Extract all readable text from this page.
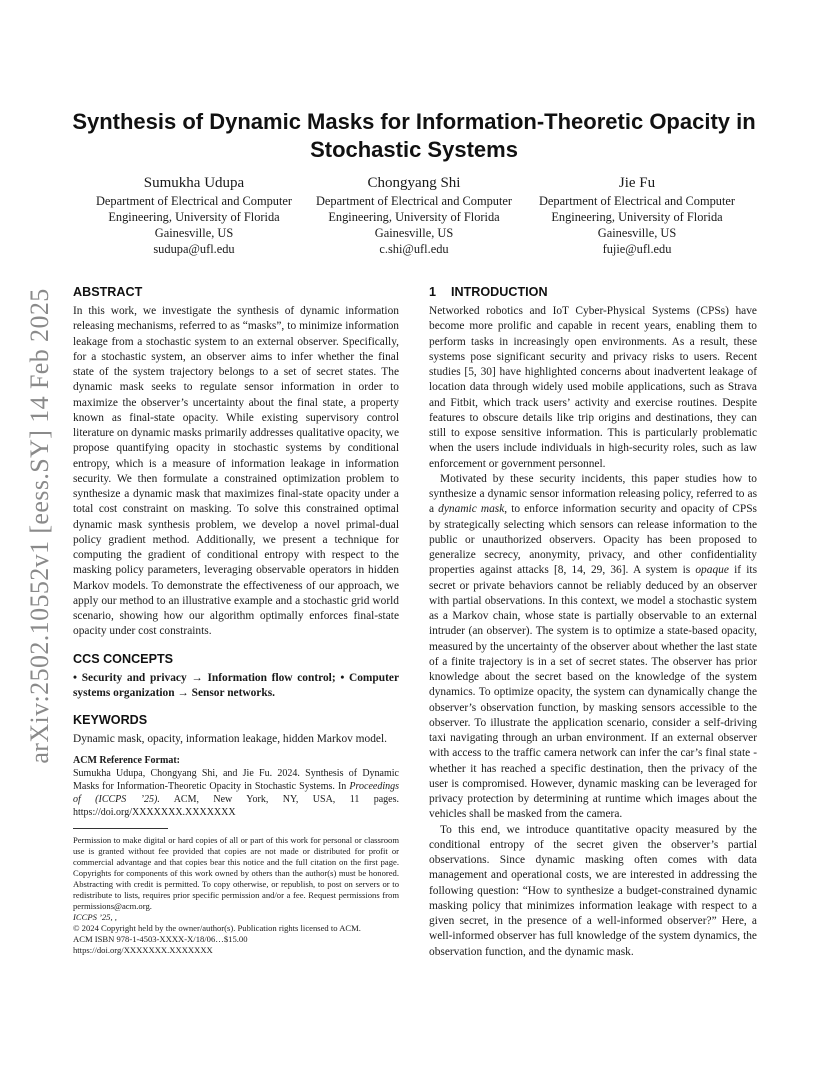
arXiv:2502.10552v1 [eess.SY] 14 Feb 2025
Synthesis of Dynamic Masks for Information-Theoretic Opacity in Stochastic Systems
Sumukha Udupa
Department of Electrical and Computer Engineering, University of Florida
Gainesville, US
sudupa@ufl.edu
Chongyang Shi
Department of Electrical and Computer Engineering, University of Florida
Gainesville, US
c.shi@ufl.edu
Jie Fu
Department of Electrical and Computer Engineering, University of Florida
Gainesville, US
fujie@ufl.edu
ABSTRACT

In this work, we investigate the synthesis of dynamic information releasing mechanisms, referred to as “masks”, to minimize information leakage from a stochastic system to an external observer. Specifically, for a stochastic system, an observer aims to infer whether the final state of the system trajectory belongs to a set of secret states. The dynamic mask seeks to regulate sensor information in order to maximize the observer’s uncertainty about the final state, a property known as final-state opacity. While existing supervisory control literature on dynamic masks primarily addresses qualitative opacity, we propose quantifying opacity in stochastic systems by conditional entropy, which is a measure of information leakage in information security. We then formulate a constrained optimization problem to synthesize a dynamic mask that maximizes final-state opacity under a total cost constraint on masking. To solve this constrained optimal dynamic mask synthesis problem, we develop a novel primal-dual policy gradient method. Additionally, we present a technique for computing the gradient of conditional entropy with respect to the masking policy parameters, leveraging observable operators in hidden Markov models. To demonstrate the effectiveness of our approach, we apply our method to an illustrative example and a stochastic grid world scenario, showing how our algorithm optimally enforces final-state opacity under cost constraints.

CCS CONCEPTS

• Security and privacy → Information flow control; • Computer systems organization → Sensor networks.

KEYWORDS

Dynamic mask, opacity, information leakage, hidden Markov model.

ACM Reference Format:

Sumukha Udupa, Chongyang Shi, and Jie Fu. 2024. Synthesis of Dynamic Masks for Information-Theoretic Opacity in Stochastic Systems. In Proceedings of (ICCPS ’25). ACM, New York, NY, USA, 11 pages. https://doi.org/XXXXXXX.XXXXXXX

Permission to make digital or hard copies of all or part of this work for personal or classroom use is granted without fee provided that copies are not made or distributed for profit or commercial advantage and that copies bear this notice and the full citation on the first page. Copyrights for components of this work owned by others than the author(s) must be honored. Abstracting with credit is permitted. To copy otherwise, or republish, to post on servers or to redistribute to lists, requires prior specific permission and/or a fee. Request permissions from permissions@acm.org.

ICCPS ’25, ,

© 2024 Copyright held by the owner/author(s). Publication rights licensed to ACM.

ACM ISBN 978-1-4503-XXXX-X/18/06…$15.00

https://doi.org/XXXXXXX.XXXXXXX

1 INTRODUCTION

Networked robotics and IoT Cyber-Physical Systems (CPSs) have become more prolific and capable in recent years, enabling them to perform tasks in increasingly open environments. As a result, these systems pose significant security and privacy risks to users. Recent studies [5, 30] have highlighted concerns about inadvertent leakage of location data through widely used mobile applications, such as Strava and Fitbit, which track users’ activity and exercise routines. Despite features to obscure details like trip origins and destinations, they can still to expose sensitive information. This is particularly problematic when the users include individuals in high-security roles, such as law enforcement or government personnel.

Motivated by these security incidents, this paper studies how to synthesize a dynamic sensor information releasing policy, referred to as a dynamic mask, to enforce information security and opacity of CPSs by strategically selecting which sensors can release information to the public or unauthorized observers. Opacity has been proposed to generalize secrecy, anonymity, privacy, and other confidentiality properties against attacks [8, 14, 29, 36]. A system is opaque if its secret or private behaviors cannot be reliably deduced by an observer with partial observations. In this context, we model a stochastic system as a Markov chain, whose state is partially observable to an external intruder (an observer). The system is to optimize a state-based opacity, measured by the uncertainty of the observer about whether the last state of a finite trajectory is in a set of secret states. The observer has prior knowledge about the secret based on the knowledge of the system dynamics. To optimize opacity, the system can dynamically change the observer’s observation function, by masking sensors accessible to the observer. To illustrate the application scenario, consider a self-driving taxi navigating through an urban environment. If an external observer with access to the traffic camera network can infer the car’s final state - whether it has reached a specific destination, then the privacy of the user is compromised. However, dynamic masking can be leveraged for privacy protection by determining at runtime which images about the vehicles shall be masked from the camera.

To this end, we introduce quantitative opacity measured by the conditional entropy of the secret given the observer’s partial observations. Since dynamic masking often comes with data management and operational costs, we are interested in addressing the following question: “How to synthesize a budget-constrained dynamic masking policy that minimizes information leakage with respect to a given secret, in the presence of a well-informed observer?” Here, a well-informed observer has full knowledge of the system dynamics, the observation function, and the dynamic mask.
